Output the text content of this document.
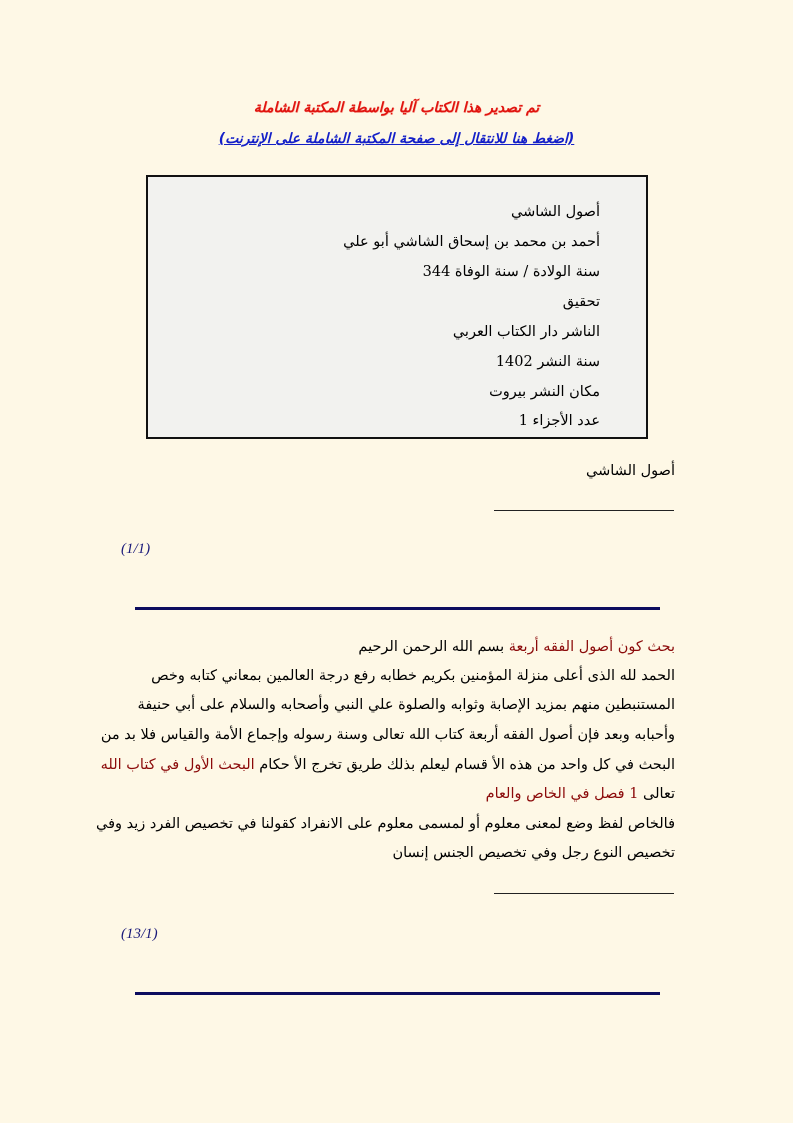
تم تصدير هذا الكتاب آليا بواسطة المكتبة الشاملة
(اضغط هنا للانتقال إلى صفحة المكتبة الشاملة على الإنترنت)
أصول الشاشي
أحمد بن محمد بن إسحاق الشاشي أبو علي
سنة الولادة / سنة الوفاة 344
تحقيق
الناشر دار الكتاب العربي
سنة النشر 1402
مكان النشر بيروت
عدد الأجزاء 1
أصول الشاشي
(1/1)
بحث كون أصول الفقه أربعة بسم الله الرحمن الرحيم
الحمد لله الذى أعلى منزلة المؤمنين بكريم خطابه رفع درجة العالمين بمعاني كتابه وخص
المستنبطين منهم بمزيد الإصابة وثوابه والصلوة علي النبي وأصحابه والسلام على أبي حنيفة
وأحبابه وبعد فإن أصول الفقه أربعة كتاب الله تعالى وسنة رسوله وإجماع الأمة والقياس فلا بد من
البحث في كل واحد من هذه الأ قسام ليعلم بذلك طريق تخرج الأ حكام البحث الأول في كتاب الله
تعالى 1 فصل في الخاص والعام
فالخاص لفظ وضع لمعنى معلوم أو لمسمى معلوم على الانفراد كقولنا في تخصيص الفرد زيد وفي
تخصيص النوع رجل وفي تخصيص الجنس إنسان
(13/1)
